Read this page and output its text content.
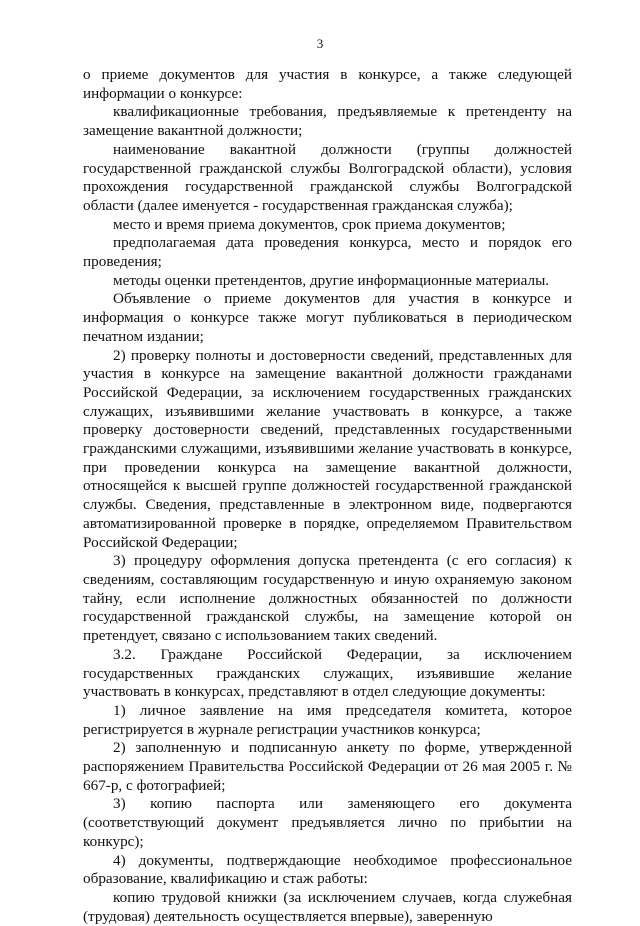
3

о приеме документов для участия в конкурсе, а также следующей информации о конкурсе:

квалификационные требования, предъявляемые к претенденту на замещение вакантной должности;

наименование вакантной должности (группы должностей государственной гражданской службы Волгоградской области), условия прохождения государственной гражданской службы Волгоградской области (далее именуется - государственная гражданская служба);

место и время приема документов, срок приема документов;

предполагаемая дата проведения конкурса, место и порядок его проведения;

методы оценки претендентов, другие информационные материалы.

Объявление о приеме документов для участия в конкурсе и информация о конкурсе также могут публиковаться в периодическом печатном издании;

2) проверку полноты и достоверности сведений, представленных для участия в конкурсе на замещение вакантной должности гражданами Российской Федерации, за исключением государственных гражданских служащих, изъявившими желание участвовать в конкурсе, а также проверку достоверности сведений, представленных государственными гражданскими служащими, изъявившими желание участвовать в конкурсе, при проведении конкурса на замещение вакантной должности, относящейся к высшей группе должностей государственной гражданской службы. Сведения, представленные в электронном виде, подвергаются автоматизированной проверке в порядке, определяемом Правительством Российской Федерации;

3) процедуру оформления допуска претендента (с его согласия) к сведениям, составляющим государственную и иную охраняемую законом тайну, если исполнение должностных обязанностей по должности государственной гражданской службы, на замещение которой он претендует, связано с использованием таких сведений.

3.2. Граждане Российской Федерации, за исключением государственных гражданских служащих, изъявившие желание участвовать в конкурсах, представляют в отдел следующие документы:

1) личное заявление на имя председателя комитета, которое регистрируется в журнале регистрации участников конкурса;

2) заполненную и подписанную анкету по форме, утвержденной распоряжением Правительства Российской Федерации от 26 мая 2005 г. № 667-р, с фотографией;

3) копию паспорта или заменяющего его документа (соответствующий документ предъявляется лично по прибытии на конкурс);

4) документы, подтверждающие необходимое профессиональное образование, квалификацию и стаж работы:

копию трудовой книжки (за исключением случаев, когда служебная (трудовая) деятельность осуществляется впервые), заверенную
